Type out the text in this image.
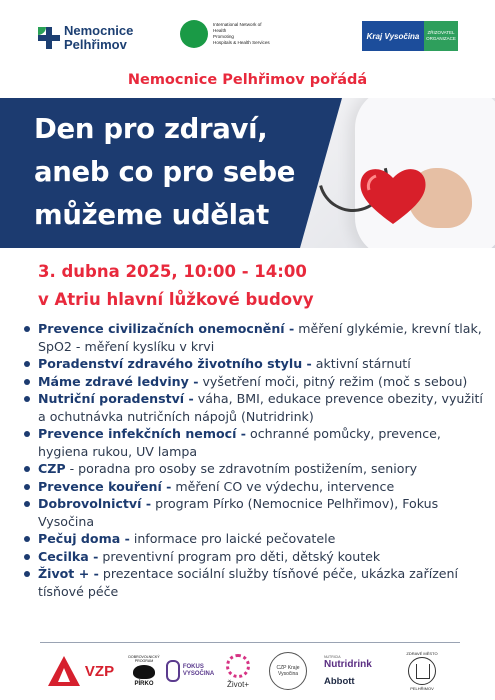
Nemocnice
Pelhřimov
International Network of
Health
Promoting
Hospitals & Health Services
Kraj Vysočina	ZŘIZOVATEL ORGANIZACE
Nemocnice Pelhřimov pořádá
Den pro zdraví,
aneb co pro sebe
můžeme udělat
3. dubna 2025, 10:00 - 14:00
v Atriu hlavní lůžkové budovy
Prevence civilizačních onemocnění - měření glykémie, krevní tlak, SpO2 - měření kyslíku v krvi
Poradenství zdravého životního stylu - aktivní stárnutí
Máme zdravé ledviny - vyšetření moči, pitný režim (moč s sebou)
Nutriční poradenství - váha, BMI, edukace prevence obezity, využití a ochutnávka nutričních nápojů (Nutridrink)
Prevence infekčních nemocí - ochranné pomůcky, prevence, hygiena rukou, UV lampa
CZP - poradna pro osoby se zdravotním postižením, seniory
Prevence kouření - měření CO ve výdechu, intervence
Dobrovolnictví - program Pírko (Nemocnice Pelhřimov), Fokus Vysočina
Pečuj doma - informace pro laické pečovatele
Cecilka - preventivní program pro děti, dětský koutek
Život + - prezentace sociální služby tísňové péče, ukázka zařízení tísňové péče
VZP
DOBROVOLNICKÝ PROGRAM
PÍRKO
FOKUS
VYSOČINA
Život+
CZP Kraje Vysočina
NUTRICIA
Nutridrink
Abbott
ZDRAVÉ MĚSTO
PELHŘIMOV
